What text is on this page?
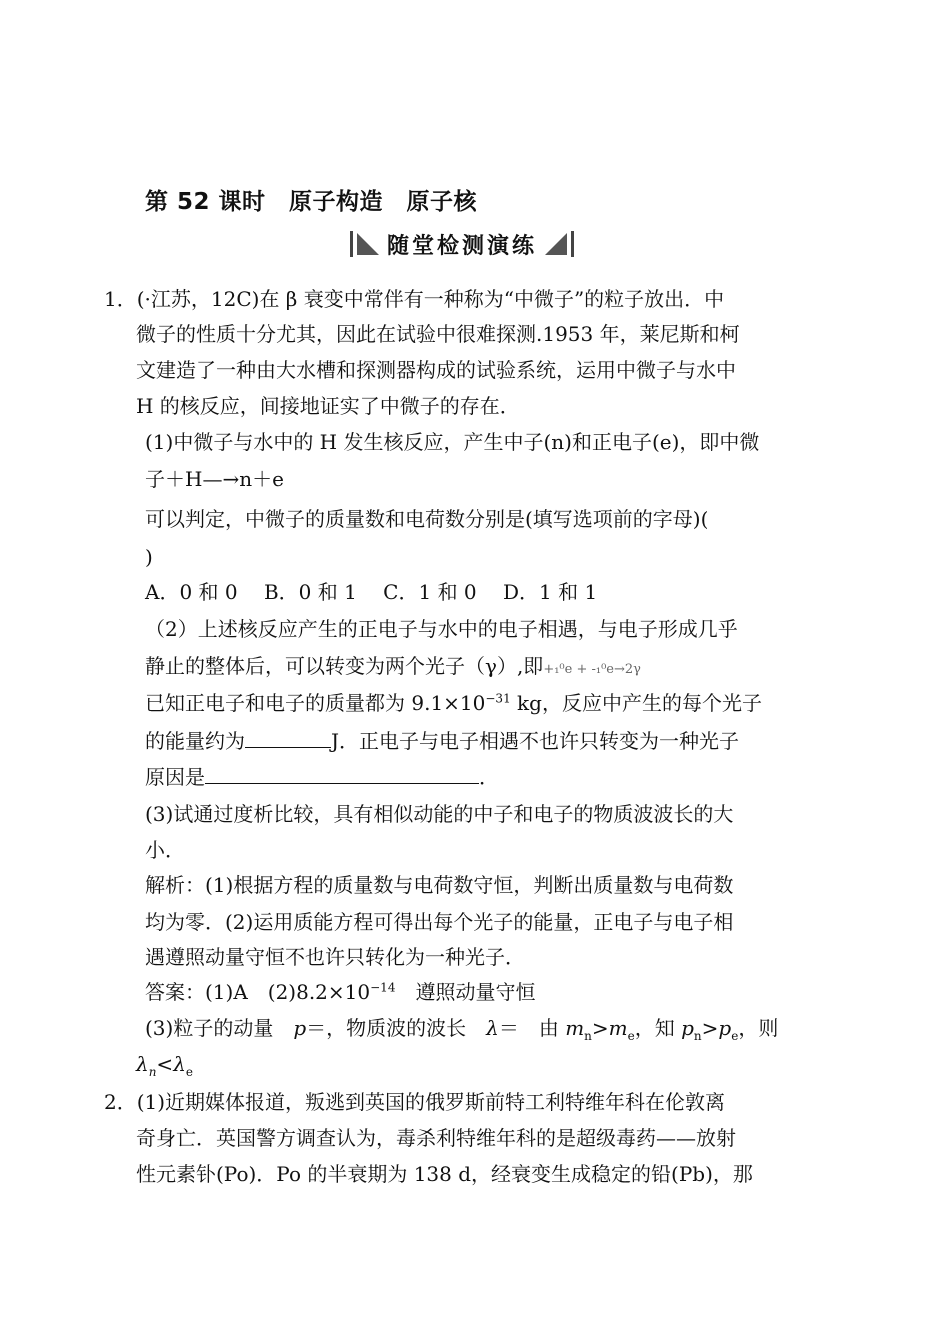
第 52 课时　原子构造　原子核
随堂检测演练
1．(·江苏，12C)在 β 衰变中常伴有一种称为“中微子”的粒子放出．中
微子的性质十分尤其，因此在试验中很难探测.1953 年，莱尼斯和柯
文建造了一种由大水槽和探测器构成的试验系统，运用中微子与水中
H 的核反应，间接地证实了中微子的存在．
(1)中微子与水中的 H 发生核反应，产生中子(n)和正电子(e)，即中微
子＋H—→n＋e
可以判定，中微子的质量数和电荷数分别是(填写选项前的字母)(
)
A．0 和 0　 B．0 和 1　 C．1 和 0　 D．1 和 1
（2）上述核反应产生的正电子与水中的电子相遇，与电子形成几乎
静止的整体后，可以转变为两个光子（γ）,即+₁⁰e + -₁⁰e→2γ
已知正电子和电子的质量都为 $9.1\times 10^{-31}$ kg，反应中产生的每个光子
的能量约为	J．正电子与电子相遇不也许只转变为一种光子
原因是	．
(3)试通过度析比较，具有相似动能的中子和电子的物质波波长的大
小．
解析：(1)根据方程的质量数与电荷数守恒，判断出质量数与电荷数
均为零．(2)运用质能方程可得出每个光子的能量，正电子与电子相
遇遵照动量守恒不也许只转化为一种光子．
答案：(1)A　$(2)8.2\times 10^{-14}$　遵照动量守恒
(3)粒子的动量　p＝，物质波的波长　λ＝　由 $m_n>m_e$，知 $p_n>p_e$，则
$\lambda_n<\lambda_e$
2．(1)近期媒体报道，叛逃到英国的俄罗斯前特工利特维年科在伦敦离
奇身亡．英国警方调查认为，毒杀利特维年科的是超级毒药——放射
性元素钋(Po)．Po 的半衰期为 138 d，经衰变生成稳定的铅(Pb)，那
